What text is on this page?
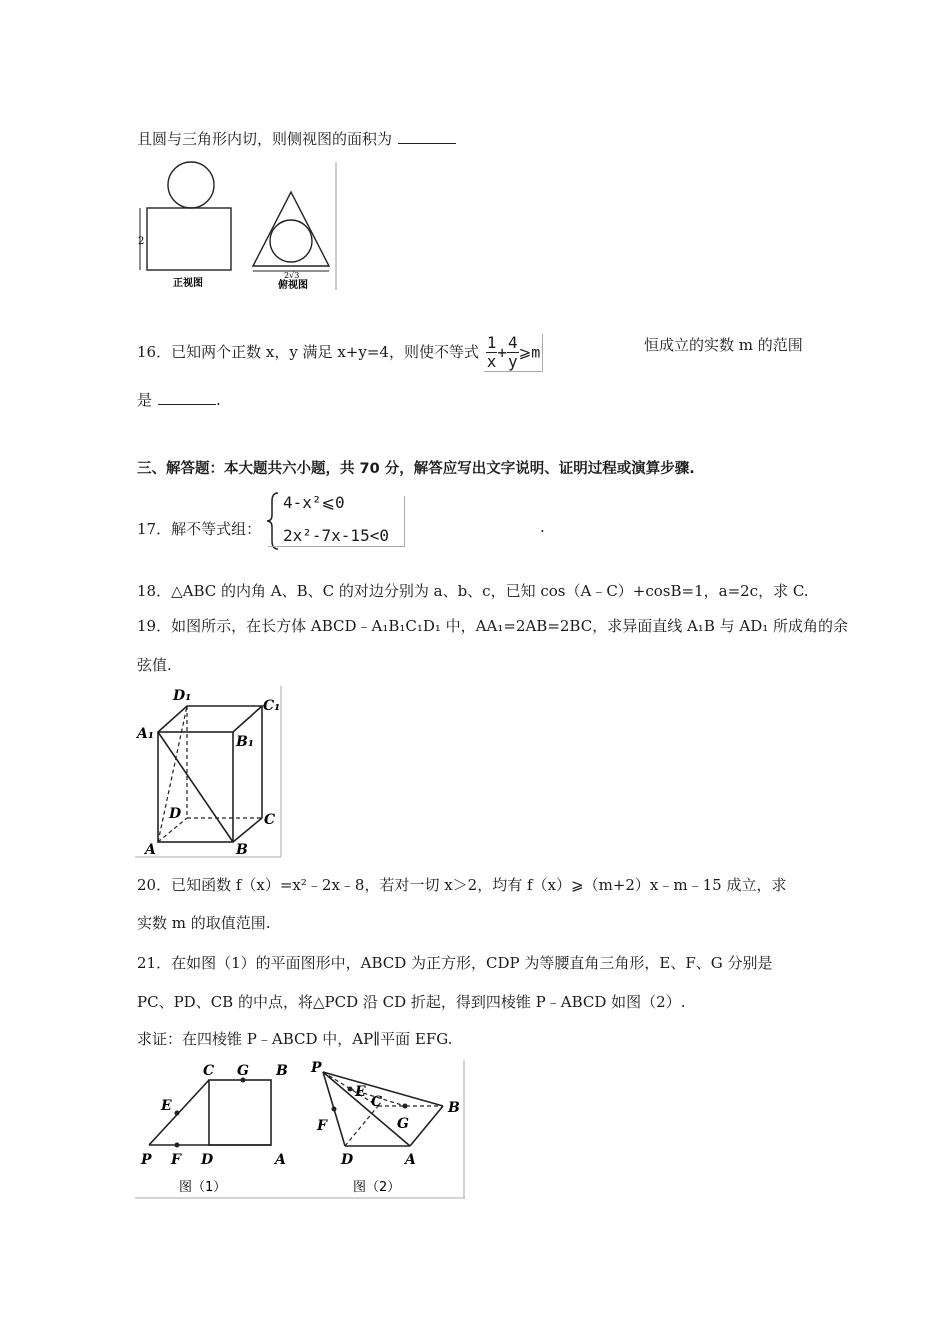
且圆与三角形内切，则侧视图的面积为
2
正视图
2√3
俯视图
16．已知两个正数 x，y 满足 x+y=4，则使不等式 $\frac{1}{x} + \frac{4}{y}$ ⩾m	恒成立的实数 m 的范围
是	.
三、解答题：本大题共六小题，共 70 分，解答应写出文字说明、证明过程或演算步骤.
17．解不等式组：
4-x²⩽0
2x²-7x-15<0	.
18．△ABC 的内角 A、B、C 的对边分别为 a、b、c，已知 cos（A﹣C）+cosB=1，a=2c，求 C.
19．如图所示，在长方体 ABCD﹣A₁B₁C₁D₁ 中，AA₁=2AB=2BC，求异面直线 A₁B 与 AD₁ 所成角的余
弦值.
D₁
C₁
A₁	B₁
D	C
A	B
20．已知函数 f（x）=x²﹣2x﹣8，若对一切 x＞2，均有 f（x）⩾（m+2）x﹣m﹣15 成立，求
实数 m 的取值范围.
21．在如图（1）的平面图形中，ABCD 为正方形，CDP 为等腰直角三角形，E、F、G 分别是
PC、PD、CB 的中点，将△PCD 沿 CD 折起，得到四棱锥 P﹣ABCD 如图（2）.
求证：在四棱锥 P﹣ABCD 中，AP∥平面 EFG.
C G B
E
P F D	A
图（1）
P
E
C	B
G
F
D	A
图（2）
